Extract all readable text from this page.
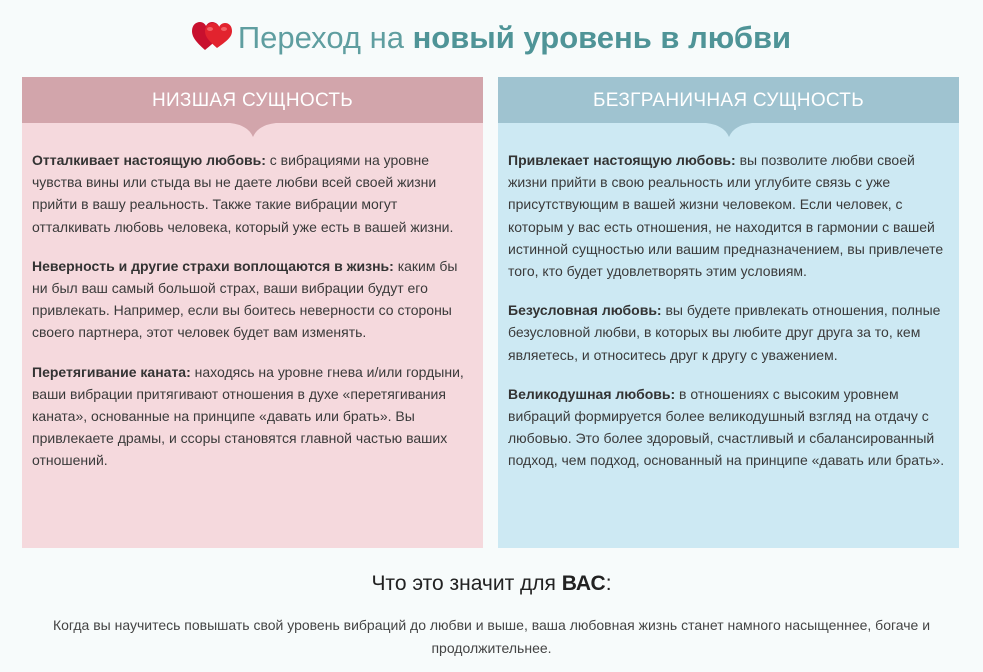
Переход на новый уровень в любви
НИЗШАЯ СУЩНОСТЬ

Отталкивает настоящую любовь: с вибрациями на уровне чувства вины или стыда вы не даете любви всей своей жизни прийти в вашу реальность. Также такие вибрации могут отталкивать любовь человека, который уже есть в вашей жизни.

Неверность и другие страхи воплощаются в жизнь: каким бы ни был ваш самый большой страх, ваши вибрации будут его привлекать. Например, если вы боитесь неверности со стороны своего партнера, этот человек будет вам изменять.

Перетягивание каната: находясь на уровне гнева и/или гордыни, ваши вибрации притягивают отношения в духе «перетягивания каната», основанные на принципе «давать или брать». Вы привлекаете драмы, и ссоры становятся главной частью ваших отношений.

БЕЗГРАНИЧНАЯ СУЩНОСТЬ

Привлекает настоящую любовь: вы позволите любви своей жизни прийти в свою реальность или углубите связь с уже присутствующим в вашей жизни человеком. Если человек, с которым у вас есть отношения, не находится в гармонии с вашей истинной сущностью или вашим предназначением, вы привлечете того, кто будет удовлетворять этим условиям.

Безусловная любовь: вы будете привлекать отношения, полные безусловной любви, в которых вы любите друг друга за то, кем являетесь, и относитесь друг к другу с уважением.

Великодушная любовь: в отношениях с высоким уровнем вибраций формируется более великодушный взгляд на отдачу с любовью. Это более здоровый, счастливый и сбалансированный подход, чем подход, основанный на принципе «давать или брать».

Что это значит для ВАС:
Когда вы научитесь повышать свой уровень вибраций до любви и выше, ваша любовная жизнь станет намного насыщеннее, богаче и продолжительнее.
